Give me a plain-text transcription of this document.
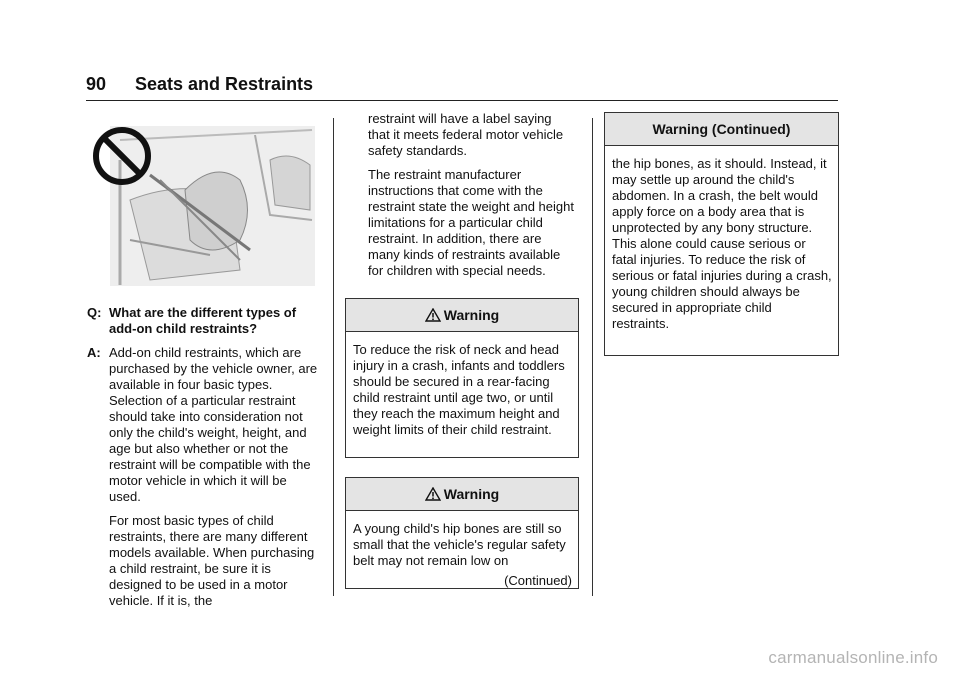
90 Seats and Restraints
Q: What are the different types of add-on child restraints?
A: Add-on child restraints, which are purchased by the vehicle owner, are available in four basic types. Selection of a particular restraint should take into consideration not only the child's weight, height, and age but also whether or not the restraint will be compatible with the motor vehicle in which it will be used.

For most basic types of child restraints, there are many different models available. When purchasing a child restraint, be sure it is designed to be used in a motor vehicle. If it is, the

restraint will have a label saying that it meets federal motor vehicle safety standards.

The restraint manufacturer instructions that come with the restraint state the weight and height limitations for a particular child restraint. In addition, there are many kinds of restraints available for children with special needs.

Warning
To reduce the risk of neck and head injury in a crash, infants and toddlers should be secured in a rear-facing child restraint until age two, or until they reach the maximum height and weight limits of their child restraint.
Warning
A young child's hip bones are still so small that the vehicle's regular safety belt may not remain low on
(Continued)
Warning (Continued)
the hip bones, as it should. Instead, it may settle up around the child's abdomen. In a crash, the belt would apply force on a body area that is unprotected by any bony structure. This alone could cause serious or fatal injuries. To reduce the risk of serious or fatal injuries during a crash, young children should always be secured in appropriate child restraints.
carmanualsonline.info
